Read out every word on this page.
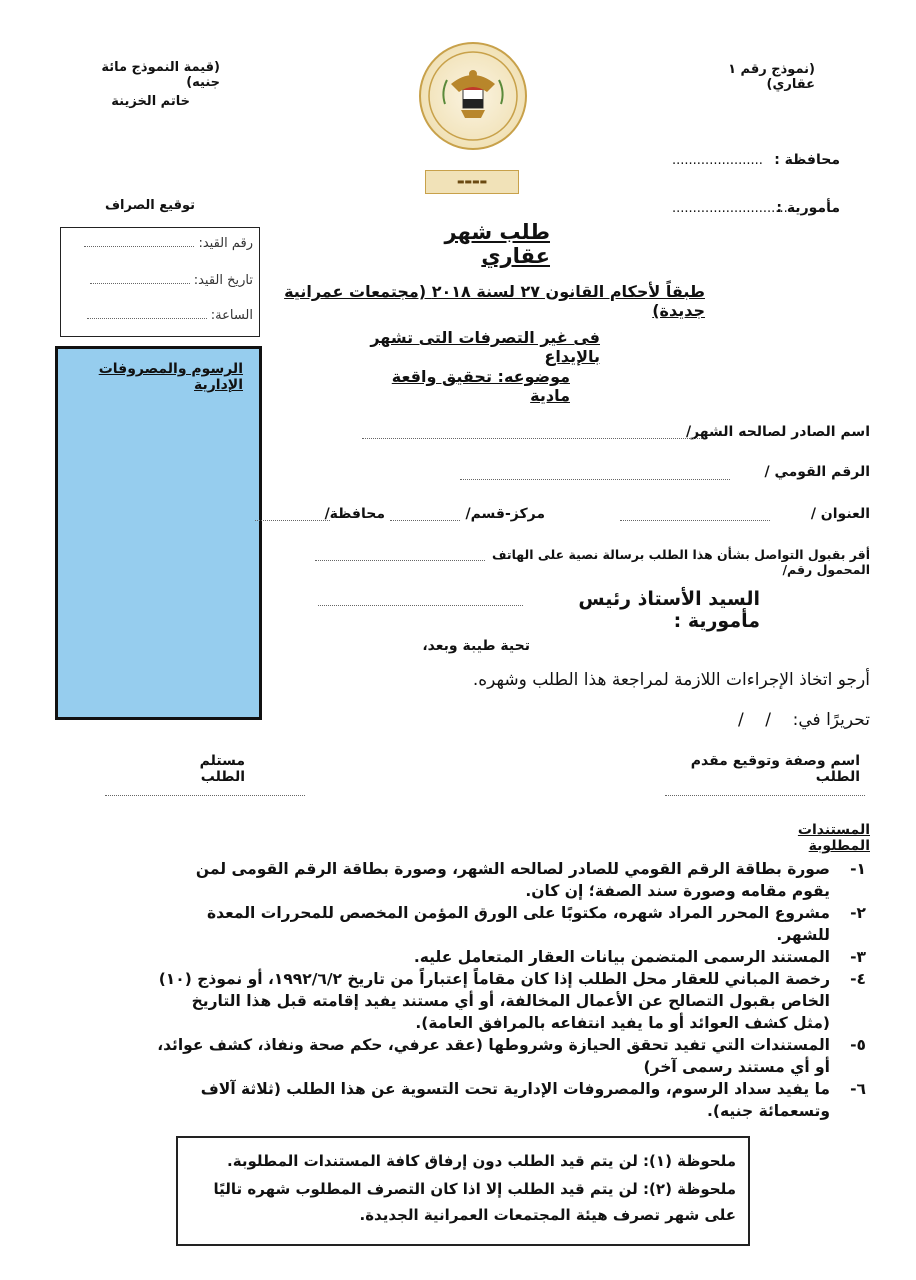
(قيمة النموذج مائة جنيه)
خاتم الخزينة
توقيع الصراف
(نموذج رقم ١ عقاري)
محافظة :
......................
مأمورية :
............................
▬▬▬▬
رقم القيد:
تاريخ القيد:
الساعة:
الرسوم والمصروفات الإدارية
طلب شهر عقاري
طبقاً لأحكام القانون ٢٧ لسنة ٢٠١٨ (مجتمعات عمرانية جديدة)
فى غير التصرفات التى تشهر بالإيداع
موضوعه: تحقيق واقعة مادية
اسم الصادر لصالحه الشهر/
الرقم القومي /
العنوان /
مركز-قسم/
محافظة/
أقر بقبول التواصل بشأن هذا الطلب برسالة نصية على الهاتف المحمول رقم/
السيد الأستاذ رئيس مأمورية :
تحية طيبة وبعد،
أرجو اتخاذ الإجراءات اللازمة لمراجعة هذا الطلب وشهره.
تحريرًا في:    /    /
اسم وصفة وتوقيع مقدم الطلب
مستلم الطلب
المستندات المطلوبة
١-
صورة بطاقة الرقم القومي للصادر لصالحه الشهر، وصورة بطاقة الرقم القومى لمن يقوم مقامه وصورة سند الصفة؛ إن كان.
٢-
مشروع المحرر المراد شهره، مكتوبًا على الورق المؤمن المخصص للمحررات المعدة للشهر.
٣-
المستند الرسمى المتضمن بيانات العقار المتعامل عليه.
٤-
رخصة المباني للعقار محل الطلب إذا كان مقاماً إعتباراً من تاريخ ١٩٩٢/٦/٢، أو نموذج (١٠) الخاص بقبول التصالح عن الأعمال المخالفة، أو أي مستند يفيد إقامته قبل هذا التاريخ (مثل كشف العوائد أو ما يفيد انتفاعه بالمرافق العامة).
٥-
المستندات التي تفيد تحقق الحيازة وشروطها (عقد عرفي، حكم صحة ونفاذ، كشف عوائد، أو أي مستند رسمى آخر)
٦-
ما يفيد سداد الرسوم، والمصروفات الإدارية تحت التسوية عن هذا الطلب (ثلاثة آلاف وتسعمائة جنيه).
ملحوظة (١): لن يتم قيد الطلب دون إرفاق كافة المستندات المطلوبة.
ملحوظة (٢): لن يتم قيد الطلب إلا اذا كان التصرف المطلوب شهره تاليًا على شهر تصرف هيئة المجتمعات العمرانية الجديدة.
